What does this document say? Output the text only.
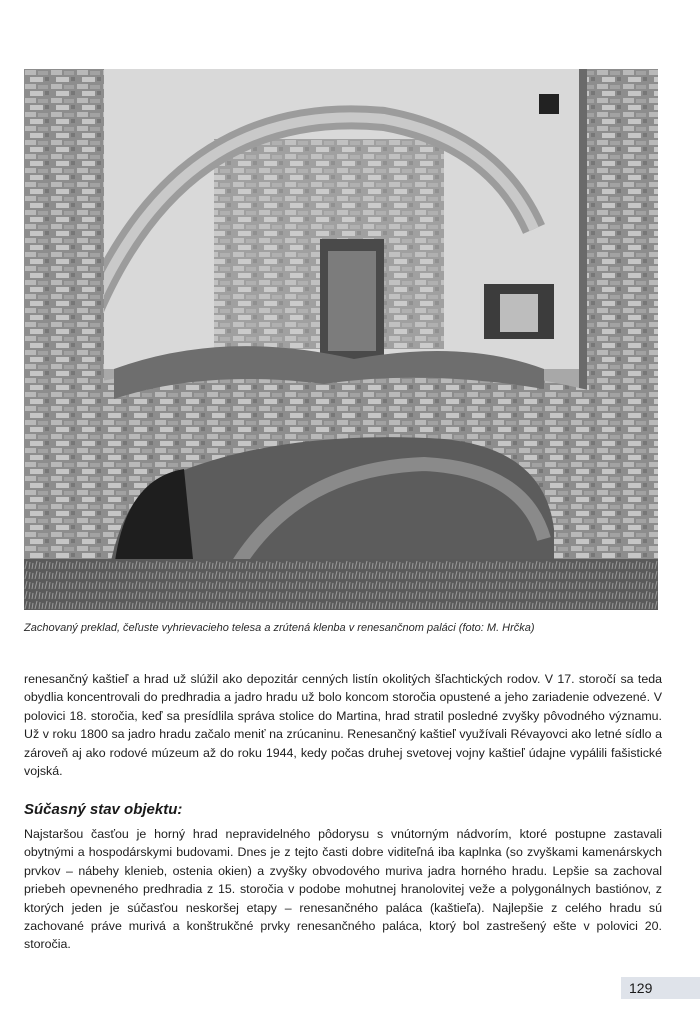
Zachovaný preklad, čeľuste vyhrievacieho telesa a zrútená klenba v renesančnom paláci (foto: M. Hrčka)
renesančný kaštieľ a hrad už slúžil ako depozitár cenných listín okolitých šľachtických rodov. V 17. storočí sa teda obydlia koncentrovali do predhradia a jadro hradu už bolo koncom storočia opustené a jeho zariadenie odvezené. V polovici 18. storočia, keď sa presídlila správa stolice do Martina, hrad stratil posledné zvyšky pôvodného významu. Už v roku 1800 sa jadro hradu začalo meniť na zrúcaninu. Renesančný kaštieľ využívali Révayovci ako letné sídlo a zároveň aj ako rodové múzeum až do roku 1944, kedy počas druhej svetovej vojny kaštieľ údajne vypálili fašistické vojská.
Súčasný stav objektu:
Najstaršou časťou je horný hrad nepravidelného pôdorysu s vnútorným nádvorím, ktoré postupne zastavali obytnými a hospodárskymi budovami. Dnes je z tejto časti dobre viditeľná iba kaplnka (so zvyškami kamenárskych prvkov – nábehy klenieb, ostenia okien) a zvyšky obvodového muriva jadra horného hradu. Lepšie sa zachoval priebeh opevneného predhradia z 15. storočia v podobe mohutnej hranolovitej veže a polygonálnych bastiónov, z ktorých jeden je súčasťou neskoršej etapy – renesančného paláca (kaštieľa). Najlepšie z celého hradu sú zachované práve murivá a konštrukčné prvky renesančného paláca, ktorý bol zastrešený ešte v polovici 20. storočia.
129
